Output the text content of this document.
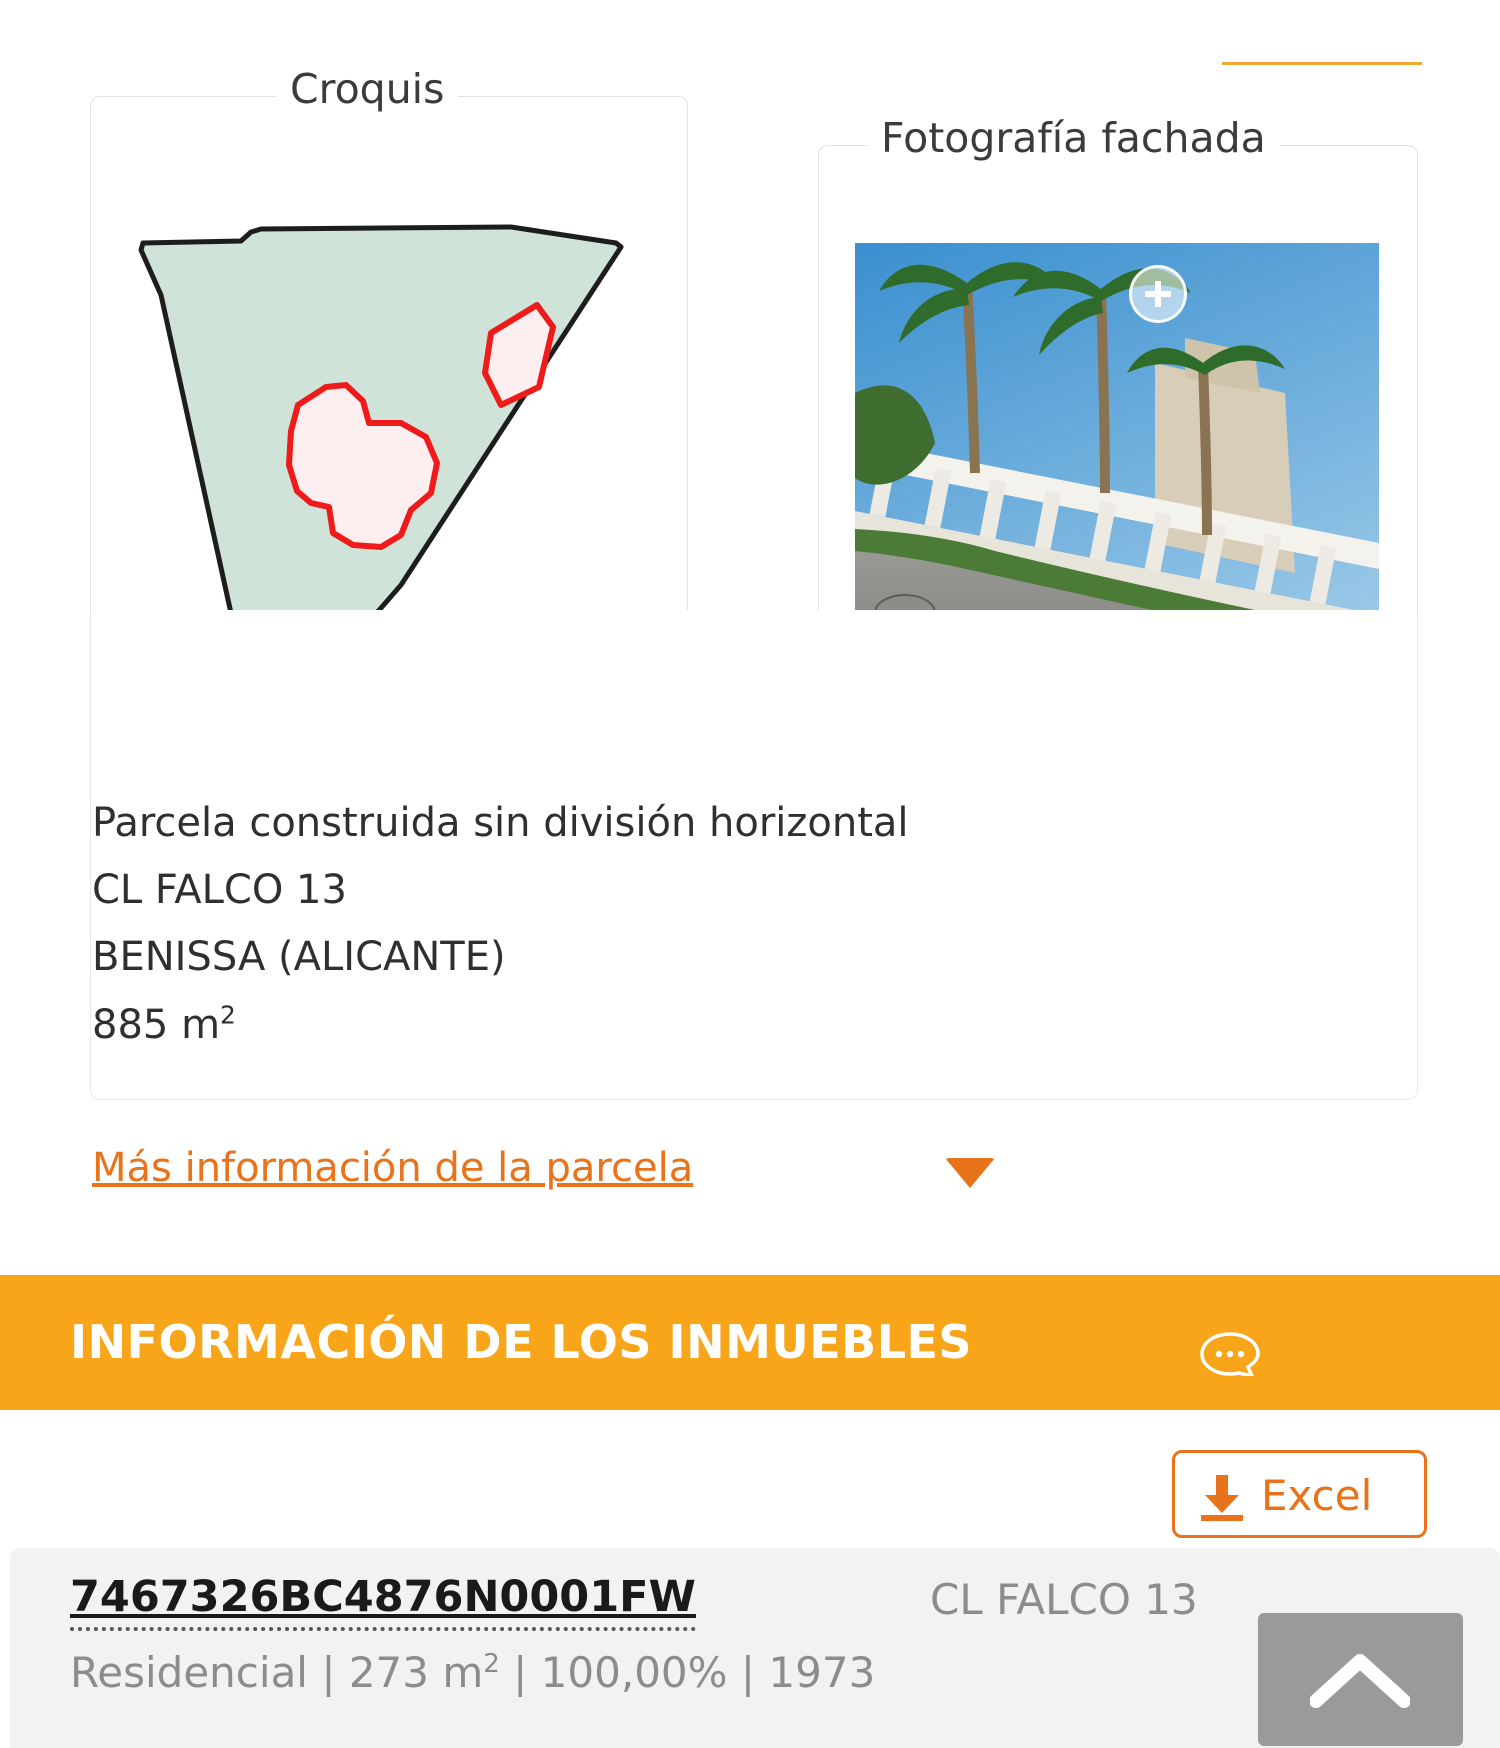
Croquis
Fotografía fachada
Parcela construida sin división horizontal
CL FALCO 13
BENISSA (ALICANTE)
885 $m^2$
Más información de la parcela
INFORMACIÓN DE LOS INMUEBLES
Excel
7467326BC4876N0001FW	CL FALCO 13
Residencial | 273 $m^2$ | 100,00% | 1973
